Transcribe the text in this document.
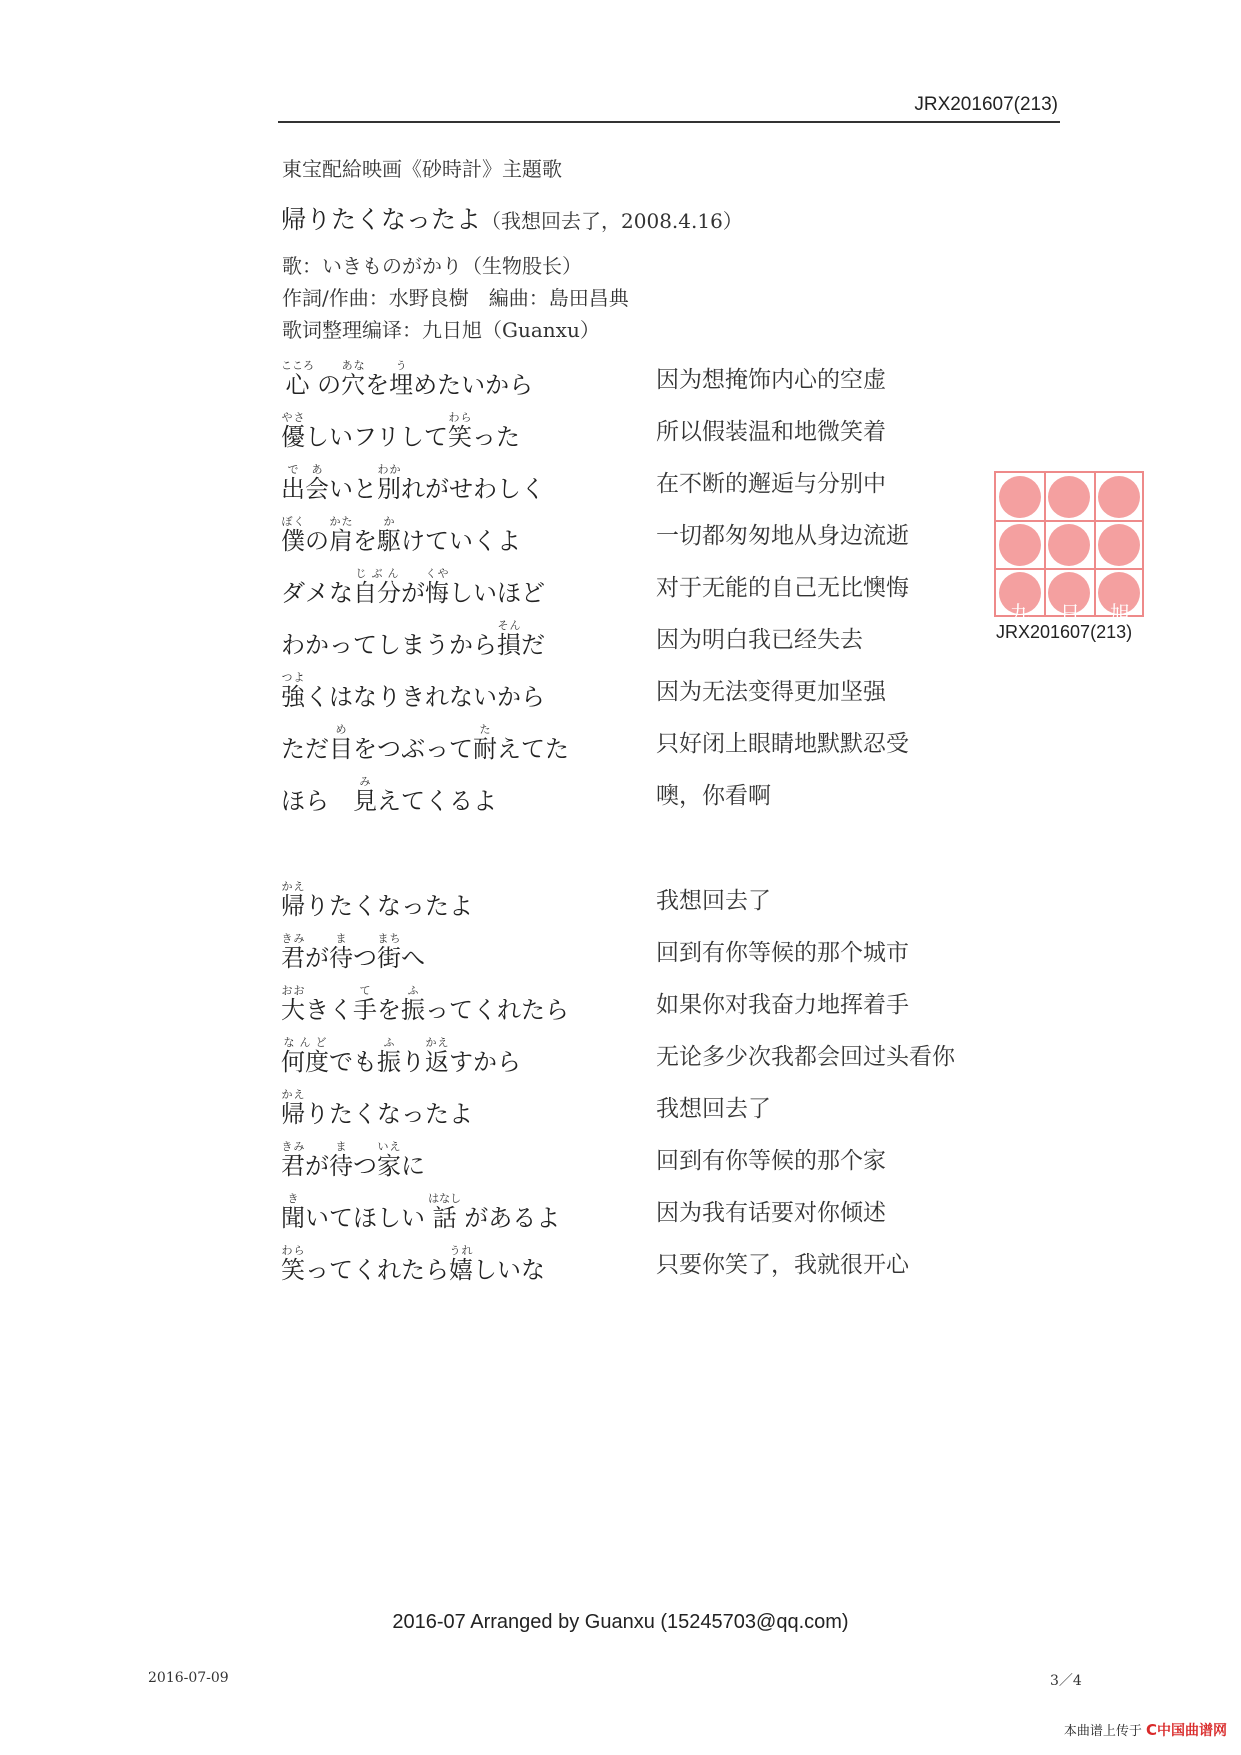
JRX201607(213)
東宝配給映画《砂時計》主題歌
帰りたくなったよ（我想回去了，2008.4.16）
歌：いきものがかり（生物股长）
作詞/作曲：水野良樹　編曲：島田昌典
歌词整理编译：九日旭（Guanxu）
心こころ の穴あなを埋うめたいから	因为想掩饰内心的空虚
優やさしいフリして笑わらった	所以假装温和地微笑着
出会であいと別わかれがせわしく	在不断的邂逅与分别中
僕ぼくの肩かたを駆かけていくよ	一切都匆匆地从身边流逝
ダメな自分じぶんが悔くやしいほど	对于无能的自己无比懊悔
わかってしまうから損そんだ	因为明白我已经失去
強つよくはなりきれないから	因为无法变得更加坚强
ただ目めをつぶって耐たえてた	只好闭上眼睛地默默忍受
ほら　見みえてくるよ	噢，你看啊
帰かえりたくなったよ	我想回去了
君きみが待まつ街まちへ	回到有你等候的那个城市
大おおきく手てを振ふってくれたら	如果你对我奋力地挥着手
何度なんどでも振ふり返かえすから	无论多少次我都会回过头看你
帰かえりたくなったよ	我想回去了
君きみが待まつ家いえに	回到有你等候的那个家
聞きいてほしい 話はなし があるよ	因为我有话要对你倾述
笑わらってくれたら嬉うれしいな	只要你笑了，我就很开心
九 日 旭
JRX201607(213)
2016-07 Arranged by Guanxu (15245703@qq.com)
2016-07-09	3／4
本曲谱上传于 C中国曲谱网
